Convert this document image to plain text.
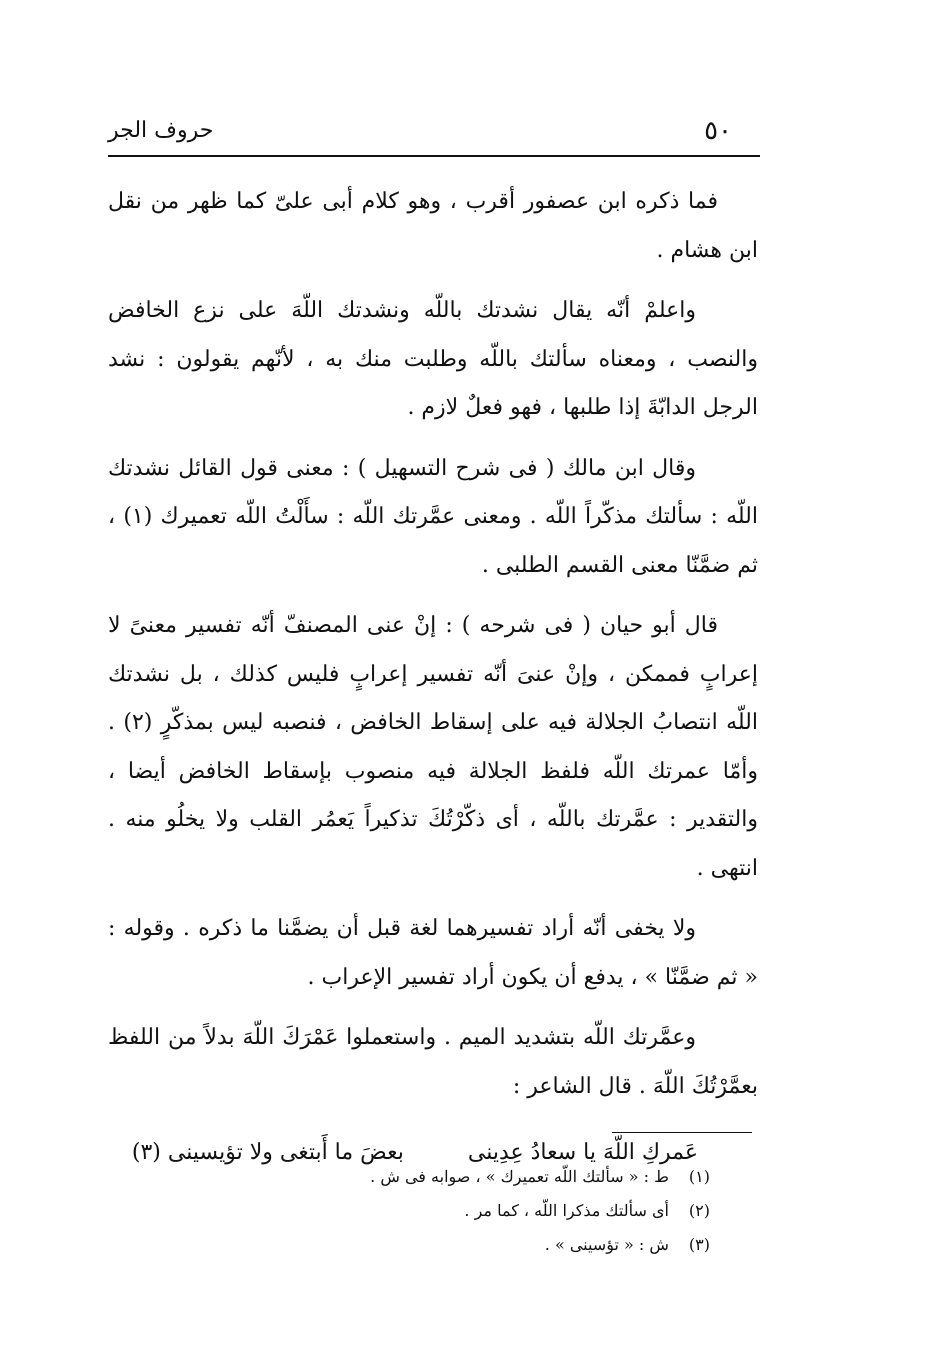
٥٠
حروف الجر

فما ذكره ابن عصفور أقرب ، وهو كلام أبى علىّ كما ظهر من نقل ابن هشام .

واعلمْ أنّه يقال نشدتك باللّه ونشدتك اللّهَ على نزع الخافض والنصب ، ومعناه سألتك باللّه وطلبت منك به ، لأنّهم يقولون : نشد الرجل الدابّةَ إذا طلبها ، فهو فعلٌ لازم .

وقال ابن مالك ( فى شرح التسهيل ) : معنى قول القائل نشدتك اللّه : سألتك مذكّراً اللّه . ومعنى عمَّرتك اللّه : سأَلْتُ اللّه تعميرك (١) ، ثم ضمَّنّا معنى القسم الطلبى .

قال أبو حيان ( فى شرحه ) : إنْ عنى المصنفّ أنّه تفسير معنىً لا إعرابٍ فممكن ، وإنْ عنىَ أنّه تفسير إعرابٍ فليس كذلك ، بل نشدتك اللّه انتصابُ الجلالة فيه على إسقاط الخافض ، فنصبه ليس بمذكّرٍ (٢) . وأمّا عمرتك اللّه فلفظ الجلالة فيه منصوب بإسقاط الخافض أيضا ، والتقدير : عمَّرتك باللّه ، أى ذكّرْتُكَ تذكيراً يَعمُر القلب ولا يخلُو منه . انتهى .

ولا يخفى أنّه أراد تفسيرهما لغة قبل أن يضمَّنا ما ذكره . وقوله : « ثم ضمَّنّا » ، يدفع أن يكون أراد تفسير الإعراب .

وعمَّرتك اللّه بتشديد الميم . واستعملوا عَمْرَكَ اللّهَ بدلاً من اللفظ بعمَّرْتُكَ اللّهَ . قال الشاعر :

عَمركِ اللّهَ يا سعادُ عِدِينى
بعضَ ما أَبتغى ولا تؤيسينى (٣)
(١) ط : « سألتك اللّه تعميرك » ، صوابه فى ش .
(٢) أى سألتك مذكرا اللّه ، كما مر .
(٣) ش : « تؤسينى » .
